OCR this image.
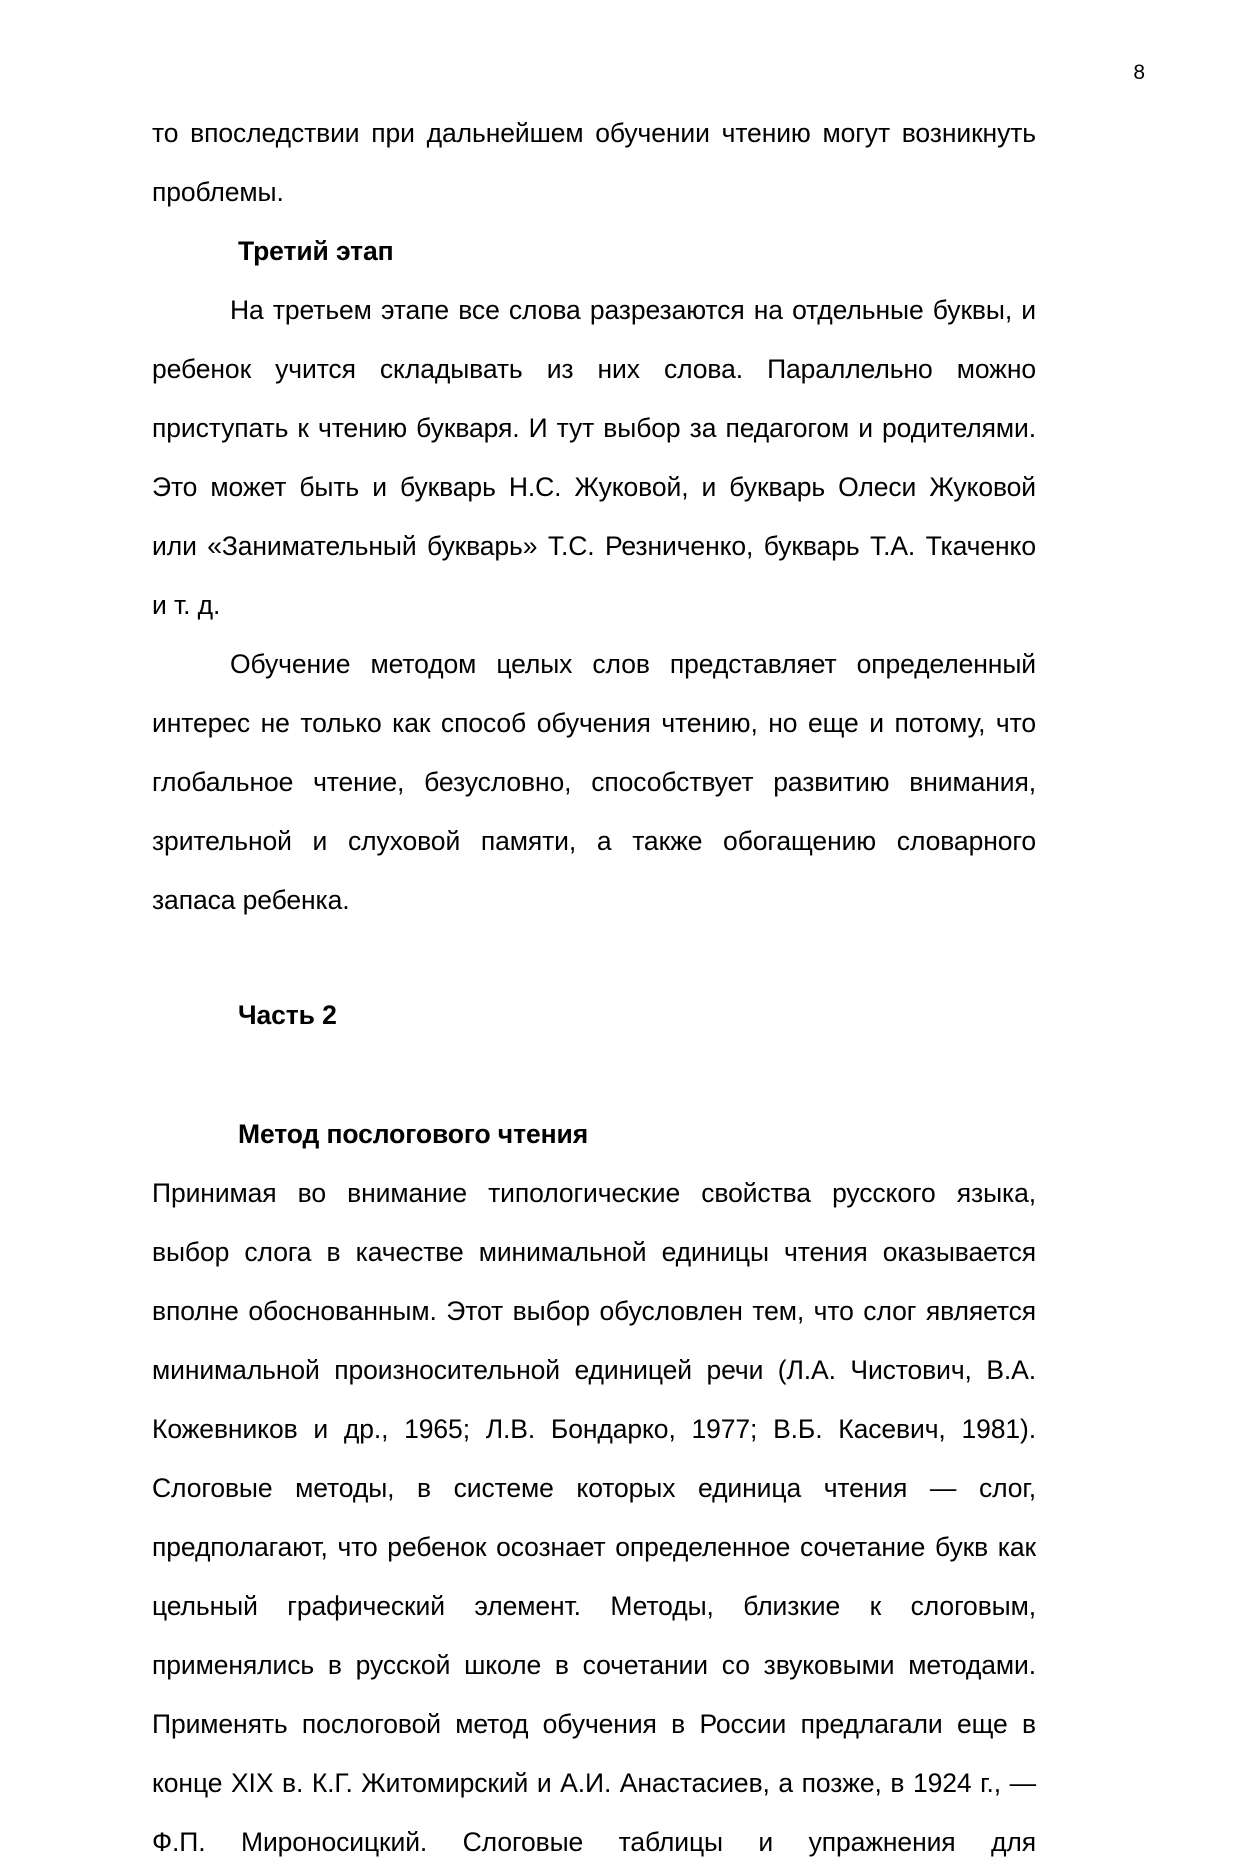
8
то впоследствии при дальнейшем обучении чтению могут возникнуть
проблемы.
Третий этап
На третьем этапе все слова разрезаются на отдельные буквы, и
ребенок учится складывать из них слова. Параллельно можно
приступать к чтению букваря. И тут выбор за педагогом и родителями.
Это может быть и букварь Н.С. Жуковой, и букварь Олеси Жуковой
или «Занимательный букварь» Т.С. Резниченко, букварь Т.А. Ткаченко
и т. д.
Обучение методом целых слов представляет определенный
интерес не только как способ обучения чтению, но еще и потому, что
глобальное чтение, безусловно, способствует развитию внимания,
зрительной и слуховой памяти, а также обогащению словарного
запаса ребенка.
Часть 2
Метод послогового чтения
Принимая во внимание типологические свойства русского языка,
выбор слога в качестве минимальной единицы чтения оказывается
вполне обоснованным. Этот выбор обусловлен тем, что слог является
минимальной произносительной единицей речи (Л.А. Чистович, В.А.
Кожевников и др., 1965; Л.В. Бондарко, 1977; В.Б. Касевич, 1981).
Слоговые методы, в системе которых единица чтения — слог,
предполагают, что ребенок осознает определенное сочетание букв как
цельный графический элемент. Методы, близкие к слоговым,
применялись в русской школе в сочетании со звуковыми методами.
Применять послоговой метод обучения в России предлагали еще в
конце XIX в. К.Г. Житомирский и А.И. Анастасиев, а позже, в 1924 г., —
Ф.П. Мироносицкий. Слоговые таблицы и упражнения для
